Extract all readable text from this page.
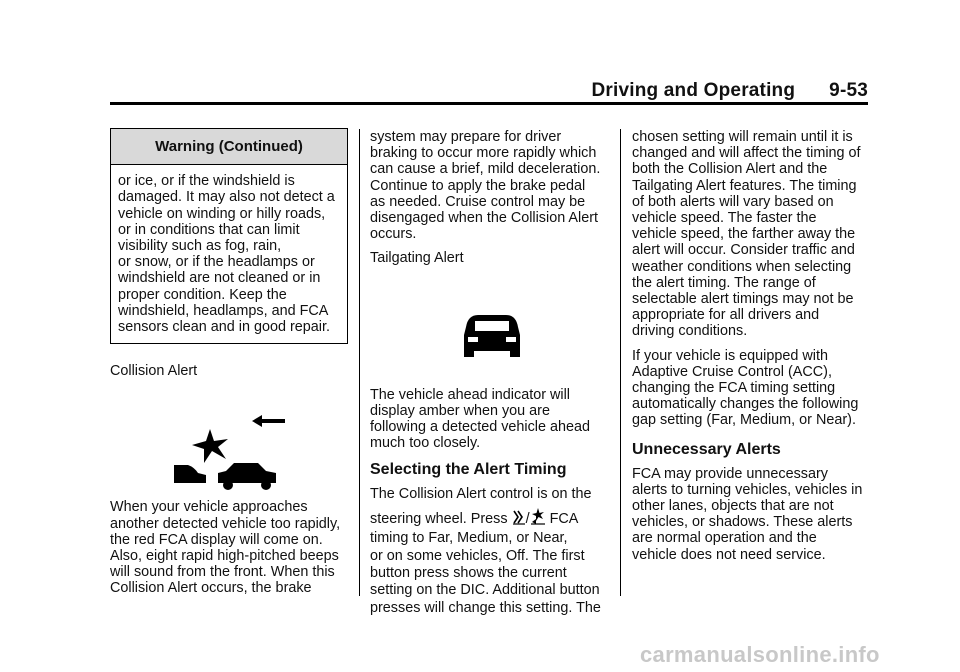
Driving and Operating 9-53
Warning (Continued)
or ice, or if the windshield is
damaged. It may also not detect a
vehicle on winding or hilly roads,
or in conditions that can limit
visibility such as fog, rain,
or snow, or if the headlamps or
windshield are not cleaned or in
proper condition. Keep the
windshield, headlamps, and FCA
sensors clean and in good repair.

Collision Alert

When your vehicle approaches
another detected vehicle too rapidly,
the red FCA display will come on.
Also, eight rapid high-pitched beeps
will sound from the front. When this
Collision Alert occurs, the brake

system may prepare for driver
braking to occur more rapidly which
can cause a brief, mild deceleration.
Continue to apply the brake pedal
as needed. Cruise control may be
disengaged when the Collision Alert
occurs.

Tailgating Alert

The vehicle ahead indicator will
display amber when you are
following a detected vehicle ahead
much too closely.

Selecting the Alert Timing
The Collision Alert control is on the
steering wheel. Press / FCA
timing to Far, Medium, or Near,
or on some vehicles, Off. The first
button press shows the current
setting on the DIC. Additional button
presses will change this setting. The

chosen setting will remain until it is
changed and will affect the timing of
both the Collision Alert and the
Tailgating Alert features. The timing
of both alerts will vary based on
vehicle speed. The faster the
vehicle speed, the farther away the
alert will occur. Consider traffic and
weather conditions when selecting
the alert timing. The range of
selectable alert timings may not be
appropriate for all drivers and
driving conditions.

If your vehicle is equipped with
Adaptive Cruise Control (ACC),
changing the FCA timing setting
automatically changes the following
gap setting (Far, Medium, or Near).

Unnecessary Alerts

FCA may provide unnecessary
alerts to turning vehicles, vehicles in
other lanes, objects that are not
vehicles, or shadows. These alerts
are normal operation and the
vehicle does not need service.

carmanualsonline.info
